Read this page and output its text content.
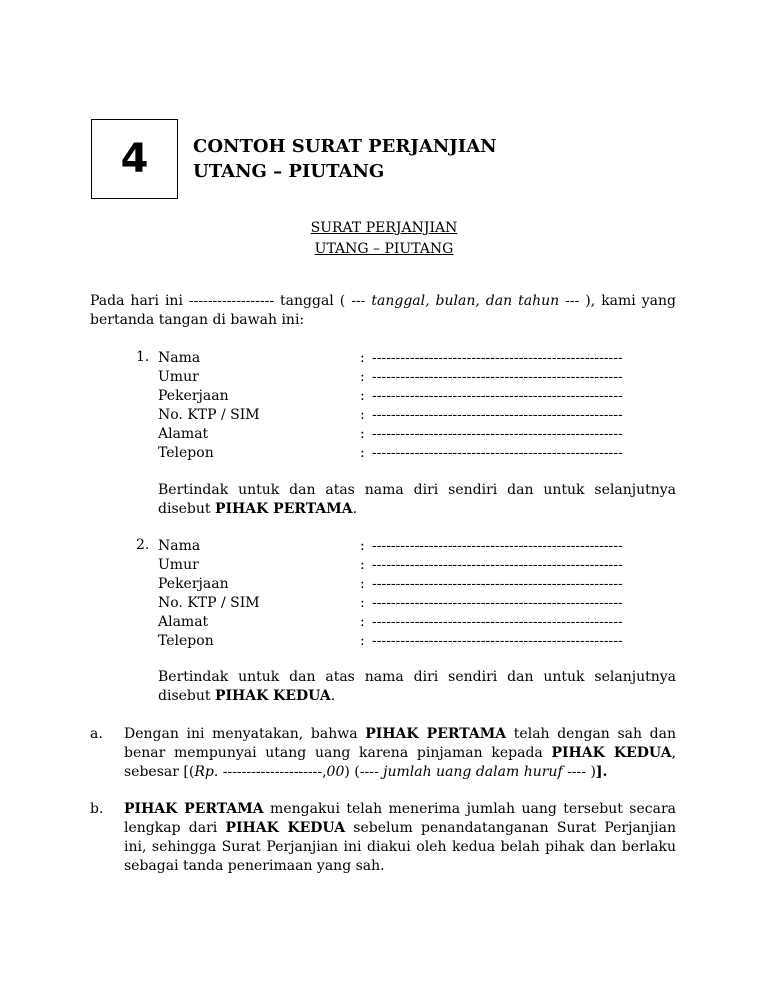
4 CONTOH SURAT PERJANJIAN
UTANG – PIUTANG
SURAT PERJANJIAN
UTANG – PIUTANG
Pada hari ini ------------------ tanggal ( --- tanggal, bulan, dan tahun --- ), kami yang bertanda tangan di bawah ini:
1. Nama	: -----------------------------------------------------
Umur	: -----------------------------------------------------
Pekerjaan	: -----------------------------------------------------
No. KTP / SIM	: -----------------------------------------------------
Alamat	: -----------------------------------------------------
Telepon	: -----------------------------------------------------
Bertindak untuk dan atas nama diri sendiri dan untuk selanjutnya disebut PIHAK PERTAMA.
2. Nama	: -----------------------------------------------------
Umur	: -----------------------------------------------------
Pekerjaan	: -----------------------------------------------------
No. KTP / SIM	: -----------------------------------------------------
Alamat	: -----------------------------------------------------
Telepon	: -----------------------------------------------------
Bertindak untuk dan atas nama diri sendiri dan untuk selanjutnya disebut PIHAK KEDUA.
a. Dengan ini menyatakan, bahwa PIHAK PERTAMA telah dengan sah dan benar mempunyai utang uang karena pinjaman kepada PIHAK KEDUA, sebesar [(Rp. ---------------------,00) (---- jumlah uang dalam huruf ---- )].
b. PIHAK PERTAMA mengakui telah menerima jumlah uang tersebut secara lengkap dari PIHAK KEDUA sebelum penandatanganan Surat Perjanjian ini, sehingga Surat Perjanjian ini diakui oleh kedua belah pihak dan berlaku sebagai tanda penerimaan yang sah.
